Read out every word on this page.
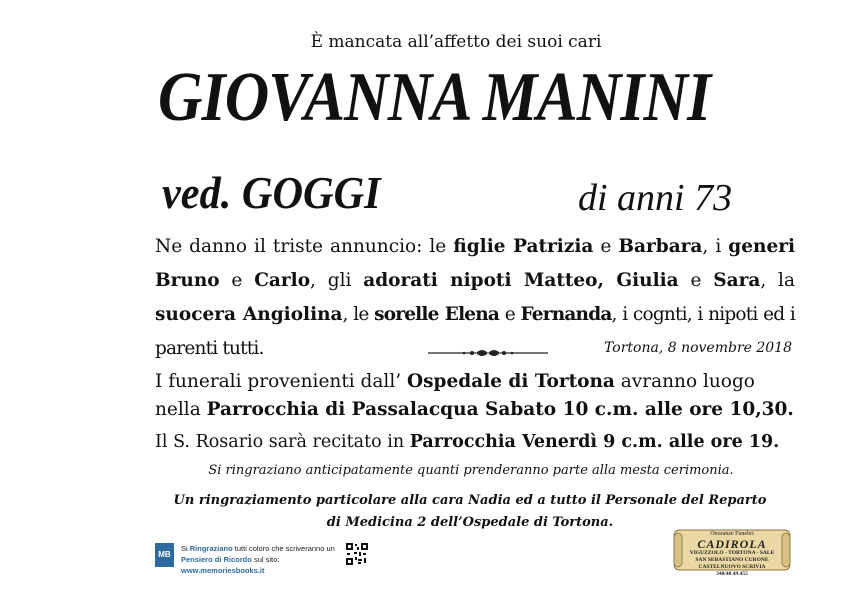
È mancata all’affetto dei suoi cari
GIOVANNA MANINI
ved. GOGGI	di anni 73
Ne danno il triste annuncio: le figlie Patrizia e Barbara, i generi Bruno e Carlo, gli adorati nipoti Matteo, Giulia e Sara, la suocera Angiolina, le sorelle Elena e Fernanda, i cognti, i nipoti ed i parenti tutti.	Tortona, 8 novembre 2018
I funerali provenienti dall’ Ospedale di Tortona avranno luogo nella Parrocchia di Passalacqua Sabato 10 c.m. alle ore 10,30.
Il S. Rosario sarà recitato in Parrocchia Venerdì 9 c.m. alle ore 19.
Si ringraziano anticipatamente quanti prenderanno parte alla mesta cerimonia.
Un ringraziamento particolare alla cara Nadia ed a tutto il Personale del Reparto di Medicina 2 dell’Ospedale di Tortona.
MB
Si Ringraziano tutti coloro che scriveranno un
Pensiero di Ricordo sul sito: www.memoriesbooks.it
Onoranze Funebri
CADIROLA
VIGUZZOLO - TORTONA - SALE
SAN SEBASTIANO CURONE
CASTELNUOVO SCRIVIA
340/48.49.455
